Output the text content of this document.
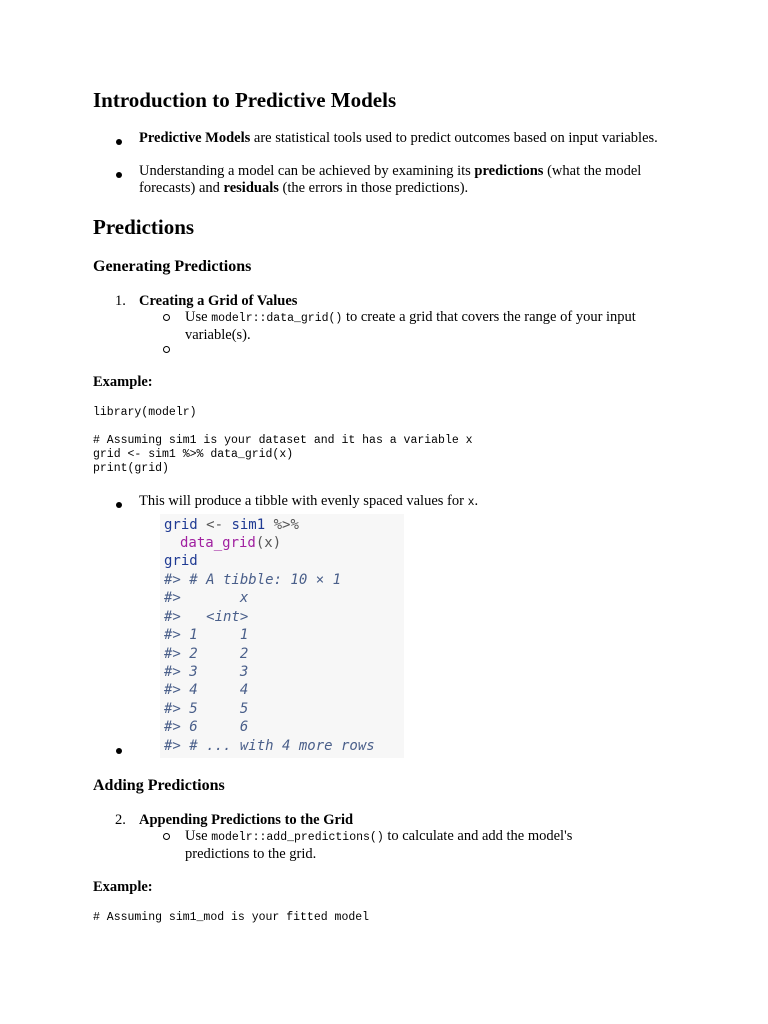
Introduction to Predictive Models

Predictive Models are statistical tools used to predict outcomes based on input variables.

Understanding a model can be achieved by examining its predictions (what the model forecasts) and residuals (the errors in those predictions).

Predictions
Generating Predictions
1. Creating a Grid of Values

Use modelr::data_grid() to create a grid that covers the range of your input variable(s).

Example:
library(modelr)

# Assuming sim1 is your dataset and it has a variable x
grid <- sim1 %>% data_grid(x)
print(grid)

This will produce a tibble with evenly spaced values for x.

grid <- sim1 %>%
data_grid(x)
grid
#> # A tibble: 10 × 1
#>       x
#>   <int>
#> 1     1
#> 2     2
#> 3     3
#> 4     4
#> 5     5
#> 6     6
#> # ... with 4 more rows
Adding Predictions
2. Appending Predictions to the Grid

Use modelr::add_predictions() to calculate and add the model's predictions to the grid.

Example:
# Assuming sim1_mod is your fitted model
